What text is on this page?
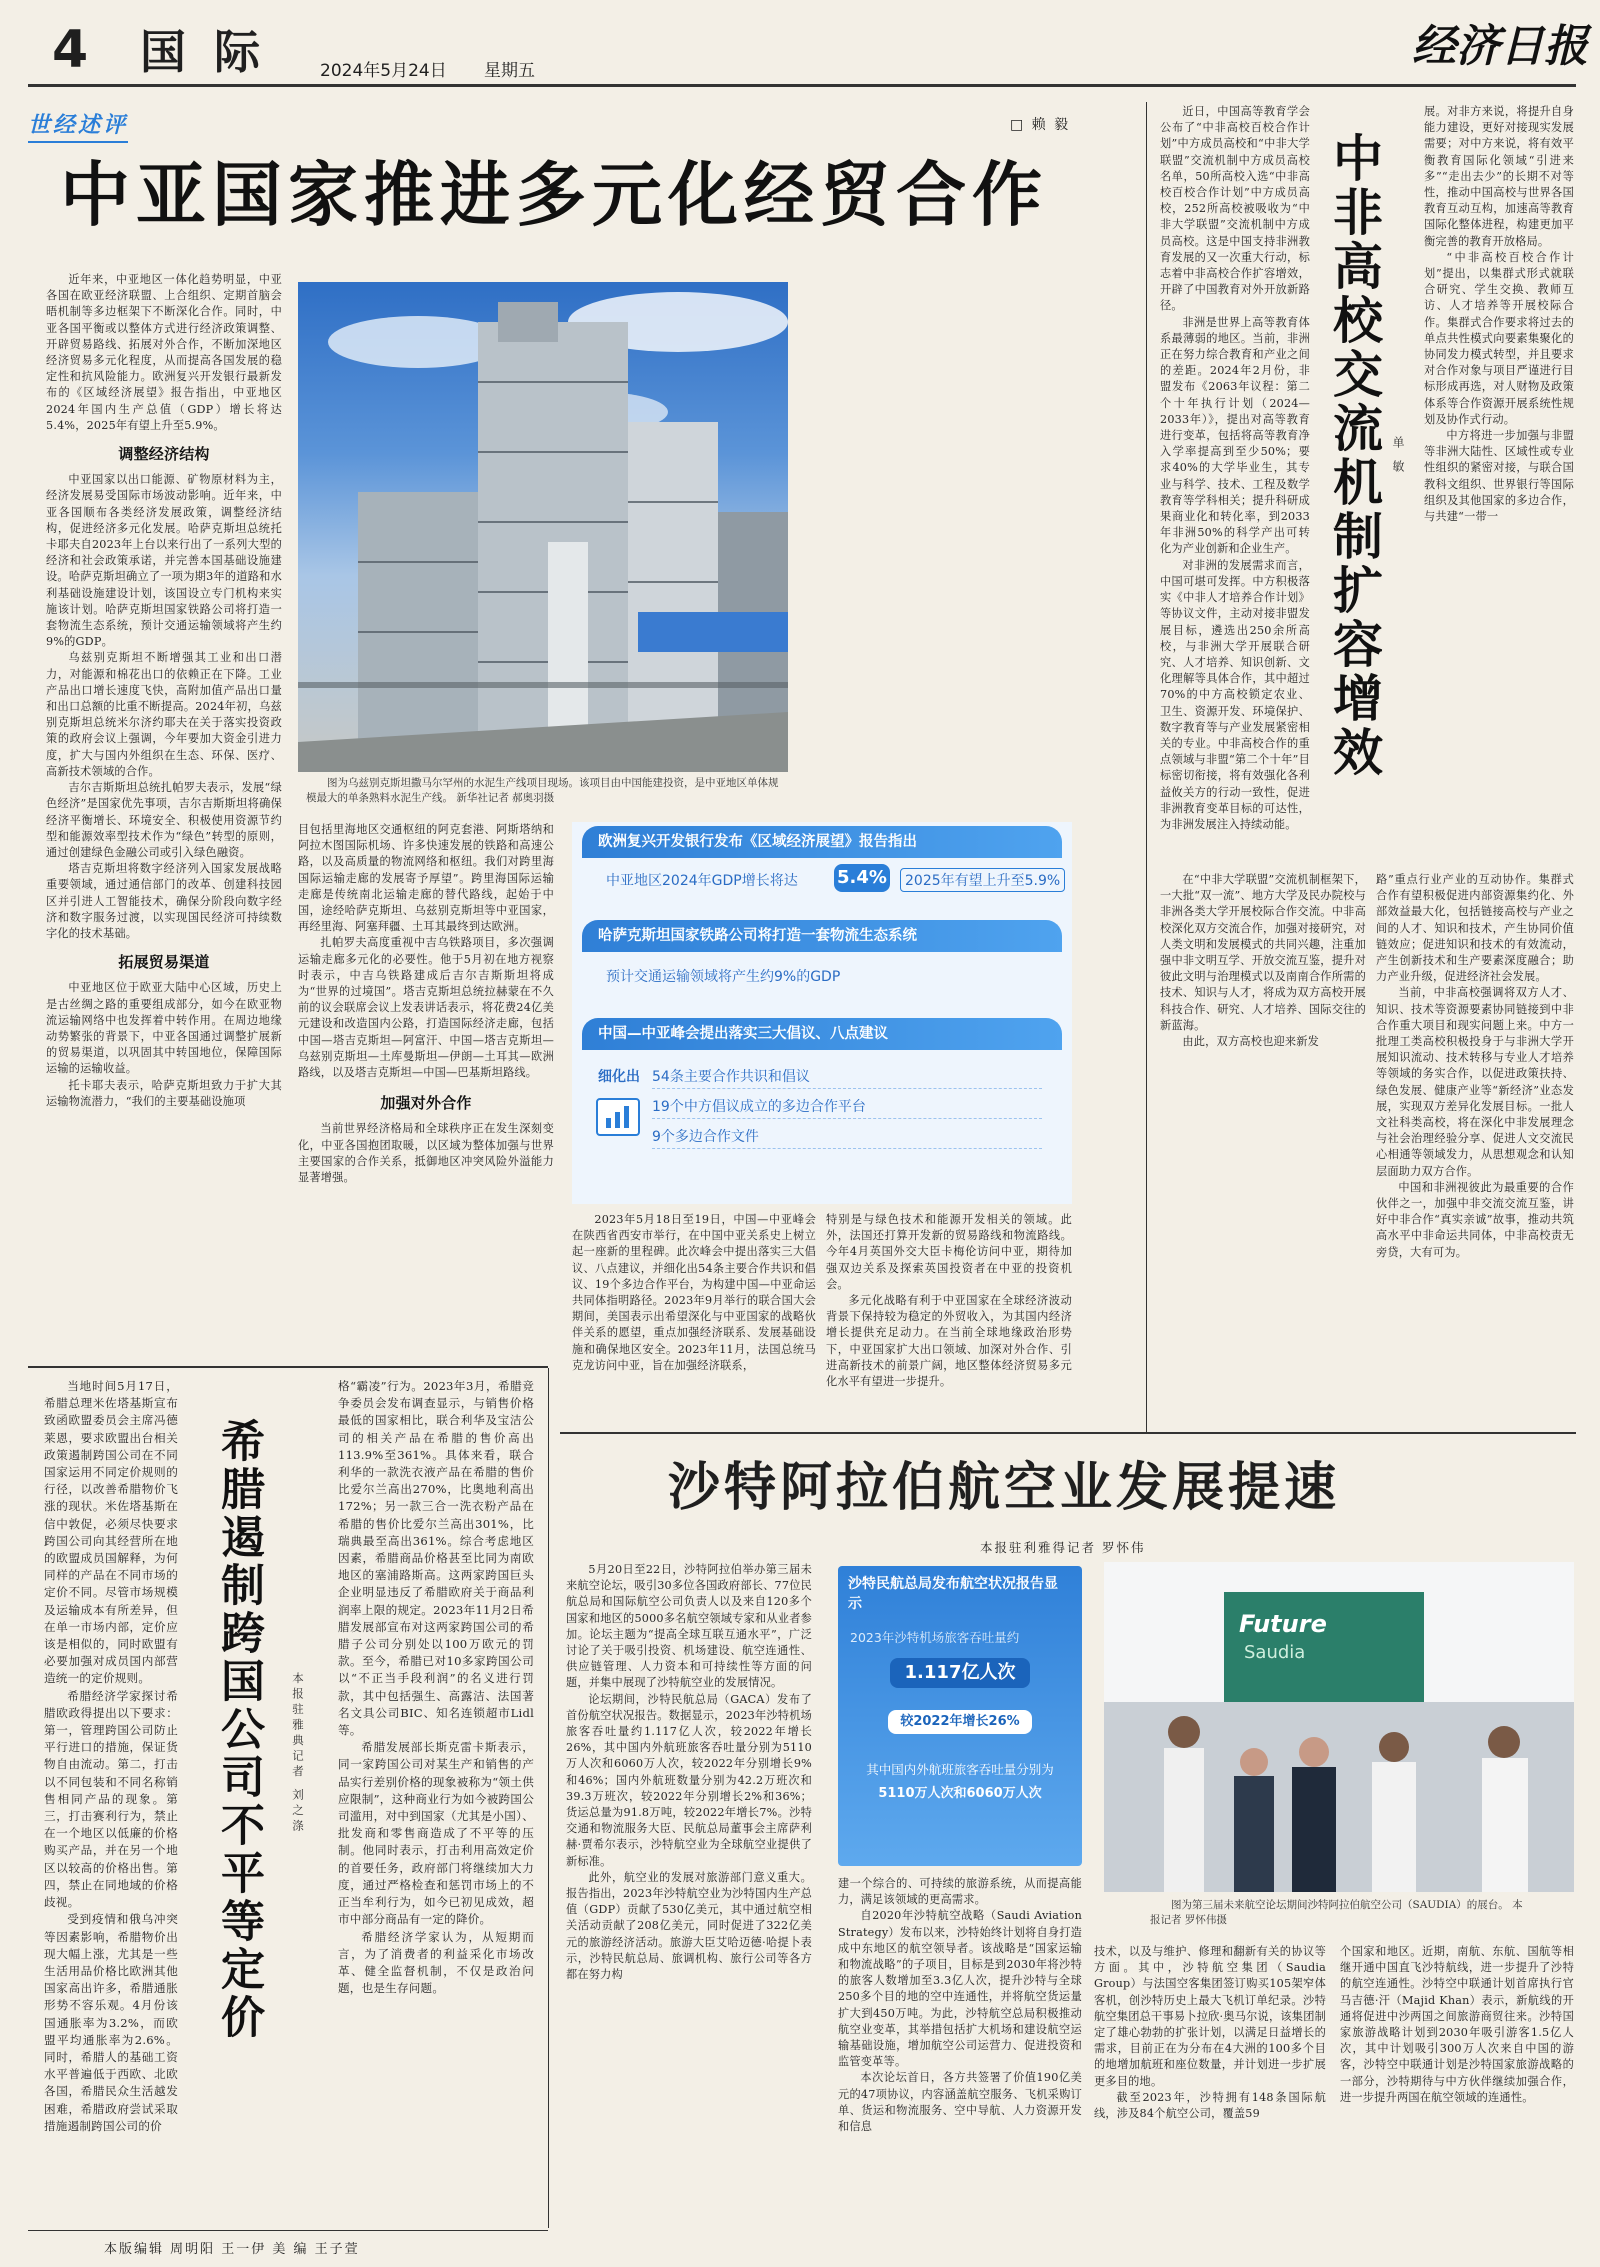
4 国 际	2024年5月24日 星期五	经济日报
世经述评	□ 赖 毅
中亚国家推进多元化经贸合作

近年来，中亚地区一体化趋势明显，中亚各国在欧亚经济联盟、上合组织、定期首脑会晤机制等多边框架下不断深化合作。同时，中亚各国平衡或以整体方式进行经济政策调整、开辟贸易路线、拓展对外合作，不断加深地区经济贸易多元化程度，从而提高各国发展的稳定性和抗风险能力。欧洲复兴开发银行最新发布的《区域经济展望》报告指出，中亚地区2024年国内生产总值（GDP）增长将达5.4%，2025年有望上升至5.9%。

调整经济结构

中亚国家以出口能源、矿物原材料为主，经济发展易受国际市场波动影响。近年来，中亚各国顺布各类经济发展政策，调整经济结构，促进经济多元化发展。哈萨克斯坦总统托卡耶夫自2023年上台以来行出了一系列大型的经济和社会政策承诺，并完善本国基础设施建设。哈萨克斯坦确立了一项为期3年的道路和水利基础设施建设计划，该国设立专门机构来实施该计划。哈萨克斯坦国家铁路公司将打造一套物流生态系统，预计交通运输领域将产生约9%的GDP。

乌兹别克斯坦不断增强其工业和出口潜力，对能源和棉花出口的依赖正在下降。工业产品出口增长速度飞快，高附加值产品出口量和出口总额的比重不断提高。2024年初，乌兹别克斯坦总统米尔济约耶夫在关于落实投资政策的政府会议上强调，今年要加大资金引进力度，扩大与国内外组织在生态、环保、医疗、高新技术领域的合作。

吉尔吉斯斯坦总统扎帕罗夫表示，发展“绿色经济”是国家优先事项，吉尔吉斯斯坦将确保经济平衡增长、环境安全、积极使用资源节约型和能源效率型技术作为“绿色”转型的原则，通过创建绿色金融公司或引入绿色融资。

塔吉克斯坦将数字经济列入国家发展战略重要领域，通过通信部门的改革、创建科技园区并引进人工智能技术，确保分阶段向数字经济和数字服务过渡，以实现国民经济可持续数字化的技术基础。

拓展贸易渠道

中亚地区位于欧亚大陆中心区域，历史上是古丝绸之路的重要组成部分，如今在欧亚物流运输网络中也发挥着中转作用。在周边地缘动势繁张的背景下，中亚各国通过调整扩展新的贸易渠道，以巩固其中转国地位，保障国际运输的运输收益。

托卡耶夫表示，哈萨克斯坦致力于扩大其运输物流潜力，“我们的主要基础设施项

图为乌兹别克斯坦撒马尔罕州的水泥生产线项目现场。该项目由中国能建投资，是中亚地区单体规模最大的单条熟料水泥生产线。 新华社记者 郝奥羽摄
欧洲复兴开发银行发布《区域经济展望》报告指出
中亚地区2024年GDP增长将达 5.4%	2025年有望上升至5.9%
哈萨克斯坦国家铁路公司将打造一套物流生态系统
预计交通运输领域将产生约9%的GDP
中国—中亚峰会提出落实三大倡议、八点建议
细化出 54条主要合作共识和倡议
19个中方倡议成立的多边合作平台
9个多边合作文件

目包括里海地区交通枢纽的阿克套港、阿斯塔纳和阿拉木图国际机场、许多快速发展的铁路和高速公路，以及高质量的物流网络和枢纽。我们对跨里海国际运输走廊的发展寄予厚望”。跨里海国际运输走廊是传统南北运输走廊的替代路线，起始于中国，途经哈萨克斯坦、乌兹别克斯坦等中亚国家，再经里海、阿塞拜疆、土耳其最终到达欧洲。

扎帕罗夫高度重视中吉乌铁路项目，多次强调运输走廊多元化的必要性。他于5月初在地方视察时表示，中吉乌铁路建成后吉尔吉斯斯坦将成为“世界的过境国”。塔吉克斯坦总统拉赫蒙在不久前的议会联席会议上发表讲话表示，将花费24亿美元建设和改造国内公路，打造国际经济走廊，包括中国—塔吉克斯坦—阿富汗、中国—塔吉克斯坦—乌兹别克斯坦—土库曼斯坦—伊朗—土耳其—欧洲路线，以及塔吉克斯坦—中国—巴基斯坦路线。

加强对外合作

当前世界经济格局和全球秩序正在发生深刻变化，中亚各国抱团取暖，以区域为整体加强与世界主要国家的合作关系，抵御地区冲突风险外溢能力显著增强。

2023年5月18日至19日，中国—中亚峰会在陕西省西安市举行，在中国中亚关系史上树立起一座新的里程碑。此次峰会中提出落实三大倡议、八点建议，并细化出54条主要合作共识和倡议、19个多边合作平台，为构建中国—中亚命运共同体指明路径。2023年9月举行的联合国大会期间，美国表示出希望深化与中亚国家的战略伙伴关系的愿望，重点加强经济联系、发展基础设施和确保地区安全。2023年11月，法国总统马克龙访问中亚，旨在加强经济联系，

特别是与绿色技术和能源开发相关的领域。此外，法国还打算开发新的贸易路线和物流路线。今年4月英国外交大臣卡梅伦访问中亚，期待加强双边关系及探索英国投资者在中亚的投资机会。

多元化战略有利于中亚国家在全球经济波动背景下保持较为稳定的外贸收入，为其国内经济增长提供充足动力。在当前全球地缘政治形势下，中亚国家扩大出口领域、加深对外合作、引进高新技术的前景广阔，地区整体经济贸易多元化水平有望进一步提升。

中非高校交流机制扩容增效 单 敏

近日，中国高等教育学会公布了“中非高校百校合作计划”中方成员高校和“中非大学联盟”交流机制中方成员高校名单，50所高校入选“中非高校百校合作计划”中方成员高校，252所高校被吸收为“中非大学联盟”交流机制中方成员高校。这是中国支持非洲教育发展的又一次重大行动，标志着中非高校合作扩容增效，开辟了中国教育对外开放新路径。

非洲是世界上高等教育体系最薄弱的地区。当前，非洲正在努力综合教育和产业之间的差距。2024年2月份，非盟发布《2063年议程：第二个十年执行计划（2024—2033年）》，提出对高等教育进行变革，包括将高等教育净入学率提高到至少50%；要求40%的大学毕业生，其专业与科学、技术、工程及数学教育等学科相关；提升科研成果商业化和转化率，到2033年非洲50%的科学产出可转化为产业创新和企业生产。

对非洲的发展需求而言，中国可堪可发挥。中方积极落实《中非人才培养合作计划》等协议文件，主动对接非盟发展目标，遴选出250余所高校，与非洲大学开展联合研究、人才培养、知识创新、文化理解等具体合作，其中超过70%的中方高校锁定农业、卫生、资源开发、环境保护、数字教育等与产业发展紧密相关的专业。中非高校合作的重点领域与非盟“第二个十年”目标密切衔接，将有效强化各利益攸关方的行动一致性，促进非洲教育变革目标的可达性，为非洲发展注入持续动能。

在“中非大学联盟”交流机制框架下，一大批“双一流”、地方大学及民办院校与非洲各类大学开展校际合作交流。中非高校深化双方交流合作，加强对接研究，对人类文明和发展模式的共同兴趣，注重加强中非文明互学、开放交流互鉴，提升对彼此文明与治理模式以及南南合作所需的技术、知识与人才，将成为双方高校开展科技合作、研究、人才培养、国际交往的新蓝海。

由此，双方高校也迎来新发

展。对非方来说，将提升自身能力建设，更好对接现实发展需要；对中方来说，将有效平衡教育国际化领域“引进来多”“走出去少”的长期不对等性，推动中国高校与世界各国教育互动互构，加速高等教育国际化整体进程，构建更加平衡完善的教育开放格局。

“中非高校百校合作计划”提出，以集群式形式就联合研究、学生交换、教师互访、人才培养等开展校际合作。集群式合作要求将过去的单点共性模式向要素集聚化的协同发力模式转型，并且要求对合作对象与项目严谨进行目标形成再选，对人财物及政策体系等合作资源开展系统性规划及协作式行动。

中方将进一步加强与非盟等非洲大陆性、区域性或专业性组织的紧密对接，与联合国教科文组织、世界银行等国际组织及其他国家的多边合作，与共建“一带一

路”重点行业产业的互动协作。集群式合作有望积极促进内部资源集约化、外部效益最大化，包括链接高校与产业之间的人才、知识和技术，产生协同价值链效应；促进知识和技术的有效流动，产生创新技术和生产要素深度融合；助力产业升级，促进经济社会发展。

当前，中非高校强调将双方人才、知识、技术等资源要素协同链接到中非合作重大项目和现实问题上来。中方一批理工类高校积极投身于与非洲大学开展知识流动、技术转移与专业人才培养等领域的务实合作，以促进政策扶持、绿色发展、健康产业等“新经济”业态发展，实现双方差异化发展目标。一批人文社科类高校，将在深化中非发展理念与社会治理经验分享、促进人文交流民心相通等领域发力，从思想观念和认知层面助力双方合作。

中国和非洲视彼此为最重要的合作伙伴之一，加强中非交流交流互鉴，讲好中非合作“真实亲诚”故事，推动共筑高水平中非命运共同体，中非高校责无旁贷，大有可为。

当地时间5月17日，希腊总理米佐塔基斯宣布致函欧盟委员会主席冯德莱恩，要求欧盟出台相关政策遏制跨国公司在不同国家运用不同定价规则的行径，以改善希腊物价飞涨的现状。米佐塔基斯在信中敦促，必须尽快要求跨国公司向其经营所在地的欧盟成员国解释，为何同样的产品在不同市场的定价不同。尽管市场规模及运输成本有所差异，但在单一市场内部，定价应该是相似的，同时欧盟有必要加强对成员国内部营造统一的定价规则。

希腊经济学家探讨希腊欧政得提出以下要求：第一，管理跨国公司防止平行进口的措施，保证货物自由流动。第二，打击以不同包装和不同名称销售相同产品的现象。第三，打击赛利行为，禁止在一个地区以低廉的价格购买产品，并在另一个地区以较高的价格出售。第四，禁止在同地域的价格歧视。

受到疫情和俄乌冲突等因素影响，希腊物价出现大幅上涨，尤其是一些生活用品价格比欧洲其他国家高出许多，希腊通胀形势不容乐观。4月份该国通胀率为3.2%，而欧盟平均通胀率为2.6%。同时，希腊人的基础工资水平普遍低于西欧、北欧各国，希腊民众生活越发困难，希腊政府尝试采取措施遏制跨国公司的价

希腊遏制跨国公司不平等定价 本报驻雅典记者 刘之涤

格“霸凌”行为。2023年3月，希腊竞争委员会发布调查显示，与销售价格最低的国家相比，联合利华及宝洁公司的相关产品在希腊的售价高出113.9%至361%。具体来看，联合利华的一款洗衣液产品在希腊的售价比爱尔兰高出270%，比奥地利高出172%；另一款三合一洗衣粉产品在希腊的售价比爱尔兰高出301%，比瑞典最至高出361%。综合考虑地区因素，希腊商品价格甚至比同为南欧地区的塞浦路斯高。这两家跨国巨头企业明显违反了希腊欧府关于商品利润率上限的规定。2023年11月2日希腊发展部宣布对这两家跨国公司的希腊子公司分别处以100万欧元的罚款。至今，希腊已对10多家跨国公司以“不正当手段利润”的名义进行罚款，其中包括强生、高露洁、法国著名文具公司BIC、知名连锁超市Lidl等。

希腊发展部长斯克雷卡斯表示，同一家跨国公司对某生产和销售的产品实行差别价格的现象被称为“领土供应限制”，这种商业行为如今被跨国公司滥用，对中到国家（尤其是小国）、批发商和零售商造成了不平等的压制。他同时表示，打击利用高效定价的首要任务，政府部门将继续加大力度，通过严格检查和惩罚市场上的不正当牟利行为，如今已初见成效，超市中部分商品有一定的降价。

希腊经济学家认为，从短期而言，为了消费者的利益采化市场改革、健全监督机制，不仅是政治问题，也是生存问题。

本版编辑 周明阳 王一伊 美 编 王子萱
沙特阿拉伯航空业发展提速
本报驻利雅得记者 罗怀伟

5月20日至22日，沙特阿拉伯举办第三届未来航空论坛，吸引30多位各国政府部长、77位民航总局和国际航空公司负责人以及来自120多个国家和地区的5000多名航空领域专家和从业者参加。论坛主题为“提高全球互联互通水平”，广泛讨论了关于吸引投资、机场建设、航空连通性、供应链管理、人力资本和可持续性等方面的问题，并集中展现了沙特航空业的发展情况。

论坛期间，沙特民航总局（GACA）发布了首份航空状况报告。数据显示，2023年沙特机场旅客吞吐量约1.117亿人次，较2022年增长26%，其中国内外航班旅客吞吐量分别为5110万人次和6060万人次，较2022年分别增长9%和46%；国内外航班数量分别为42.2万班次和39.3万班次，较2022年分别增长2%和36%；货运总量为91.8万吨，较2022年增长7%。沙特交通和物流服务大臣、民航总局董事会主席萨利赫·贾希尔表示，沙特航空业为全球航空业提供了新标准。

此外，航空业的发展对旅游部门意义重大。报告指出，2023年沙特航空业为沙特国内生产总值（GDP）贡献了530亿美元，其中通过航空相关活动贡献了208亿美元，同时促进了322亿美元的旅游经济活动。旅游大臣艾哈迈德·哈提卜表示，沙特民航总局、旅调机构、旅行公司等各方都在努力构

沙特民航总局发布航空状况报告显示
2023年沙特机场旅客吞吐量约
1.117亿人次
较2022年增长26%
其中国内外航班旅客吞吐量分别为
5110万人次和6060万人次

建一个综合的、可持续的旅游系统，从而提高能力，满足该领域的更高需求。

自2020年沙特航空战略（Saudi Aviation Strategy）发布以来，沙特始终计划将自身打造成中东地区的航空领导者。该战略是“国家运输和物流战略”的子项目，目标是到2030年将沙特的旅客人数增加至3.3亿人次，提升沙特与全球250多个目的地的空中连通性，并将航空货运量扩大到450万吨。为此，沙特航空总局积极推动航空业变革，其举措包括扩大机场和建设航空运输基础设施，增加航空公司运营力、促进投资和监管变革等。

本次论坛首日，各方共签署了价值190亿美元的47项协议，内容涵盖航空服务、飞机采购订单、货运和物流服务、空中导航、人力资源开发和信息

Future
Saudia
图为第三届未来航空论坛期间沙特阿拉伯航空公司（SAUDIA）的展台。 本报记者 罗怀伟摄

技术，以及与维护、修理和翻新有关的协议等方面。其中，沙特航空集团（Saudia Group）与法国空客集团签订购买105架窄体客机，创沙特历史上最大飞机订单纪录。沙特航空集团总干事易卜拉欣·奥马尔说，该集团制定了雄心勃勃的扩张计划，以满足日益增长的需求，目前正在为分布在4大洲的100多个目的地增加航班和座位数量，并计划进一步扩展更多目的地。

截至2023年，沙特拥有148条国际航线，涉及84个航空公司，覆盖59

个国家和地区。近期，南航、东航、国航等相继开通中国直飞沙特航线，进一步提升了沙特的航空连通性。沙特空中联通计划首席执行官马吉德·汗（Majid Khan）表示，新航线的开通将促进中沙两国之间旅游商贸往来。沙特国家旅游战略计划到2030年吸引游客1.5亿人次，其中计划吸引300万人次来自中国的游客，沙特空中联通计划是沙特国家旅游战略的一部分，沙特期待与中方伙伴继续加强合作，进一步提升两国在航空领域的连通性。
